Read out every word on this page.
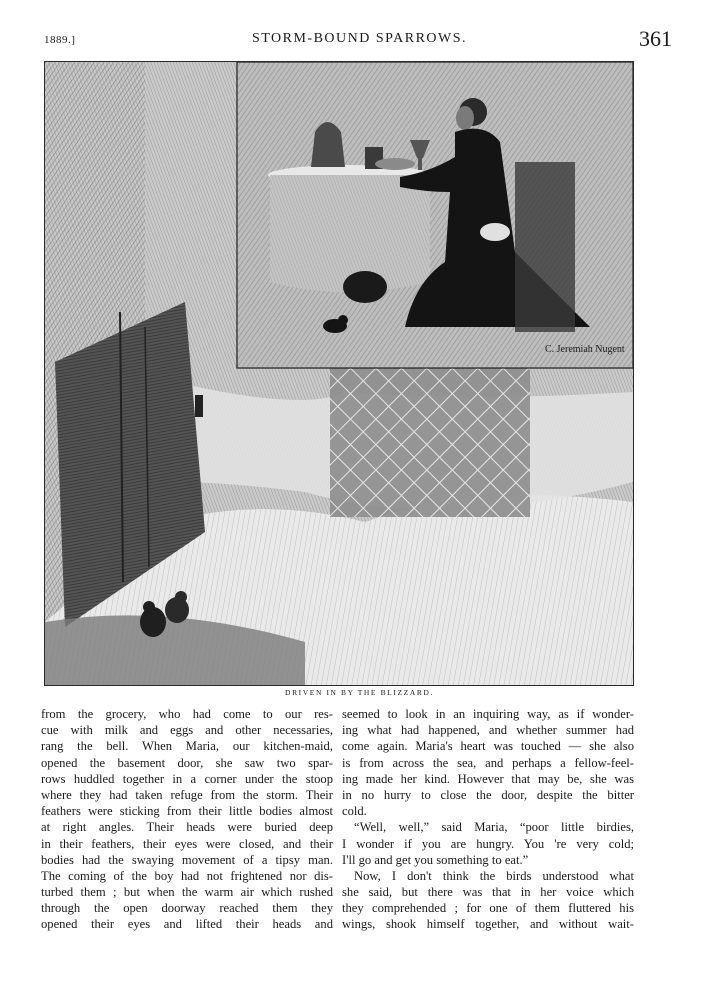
1889.]	STORM-BOUND SPARROWS.	361
C. Jeremiah Nugent
DRIVEN IN BY THE BLIZZARD.
from the grocery, who had come to our res-
cue with milk and eggs and other necessaries,
rang the bell. When Maria, our kitchen-maid,
opened the basement door, she saw two spar-
rows huddled together in a corner under the stoop
where they had taken refuge from the storm. Their
feathers were sticking from their little bodies almost
at right angles. Their heads were buried deep
in their feathers, their eyes were closed, and their
bodies had the swaying movement of a tipsy man.
The coming of the boy had not frightened nor dis-
turbed them ; but when the warm air which rushed
through the open doorway reached them they
opened their eyes and lifted their heads and
seemed to look in an inquiring way, as if wonder-
ing what had happened, and whether summer had
come again. Maria's heart was touched — she also
is from across the sea, and perhaps a fellow-feel-
ing made her kind. However that may be, she was
in no hurry to close the door, despite the bitter
cold.
“Well, well,” said Maria, “poor little birdies,
I wonder if you are hungry. You 're very cold;
I'll go and get you something to eat.”
Now, I don't think the birds understood what
she said, but there was that in her voice which
they comprehended ; for one of them fluttered his
wings, shook himself together, and without wait-
